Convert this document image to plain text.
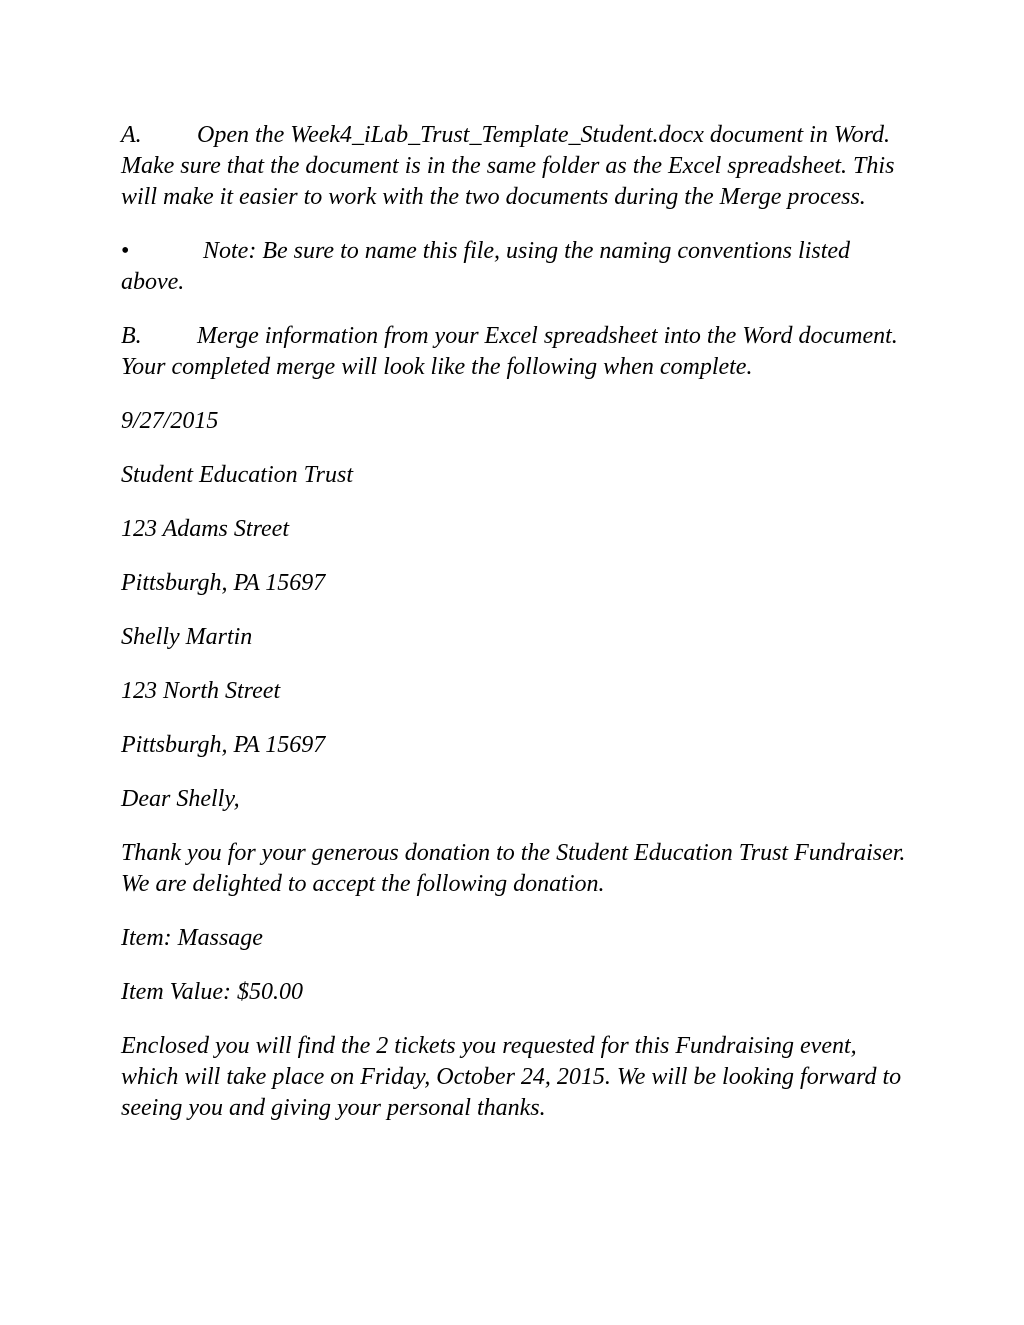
A. Open the Week4_iLab_Trust_Template_Student.docx document in Word. Make sure that the document is in the same folder as the Excel spreadsheet. This will make it easier to work with the two documents during the Merge process.

•	Note: Be sure to name this file, using the naming conventions listed above.

B. Merge information from your Excel spreadsheet into the Word document. Your completed merge will look like the following when complete.

9/27/2015

Student Education Trust

123 Adams Street

Pittsburgh, PA 15697

Shelly Martin

123 North Street

Pittsburgh, PA 15697

Dear Shelly,

Thank you for your generous donation to the Student Education Trust Fundraiser. We are delighted to accept the following donation.

Item: Massage

Item Value: $50.00

Enclosed you will find the 2 tickets you requested for this Fundraising event, which will take place on Friday, October 24, 2015. We will be looking forward to seeing you and giving your personal thanks.
